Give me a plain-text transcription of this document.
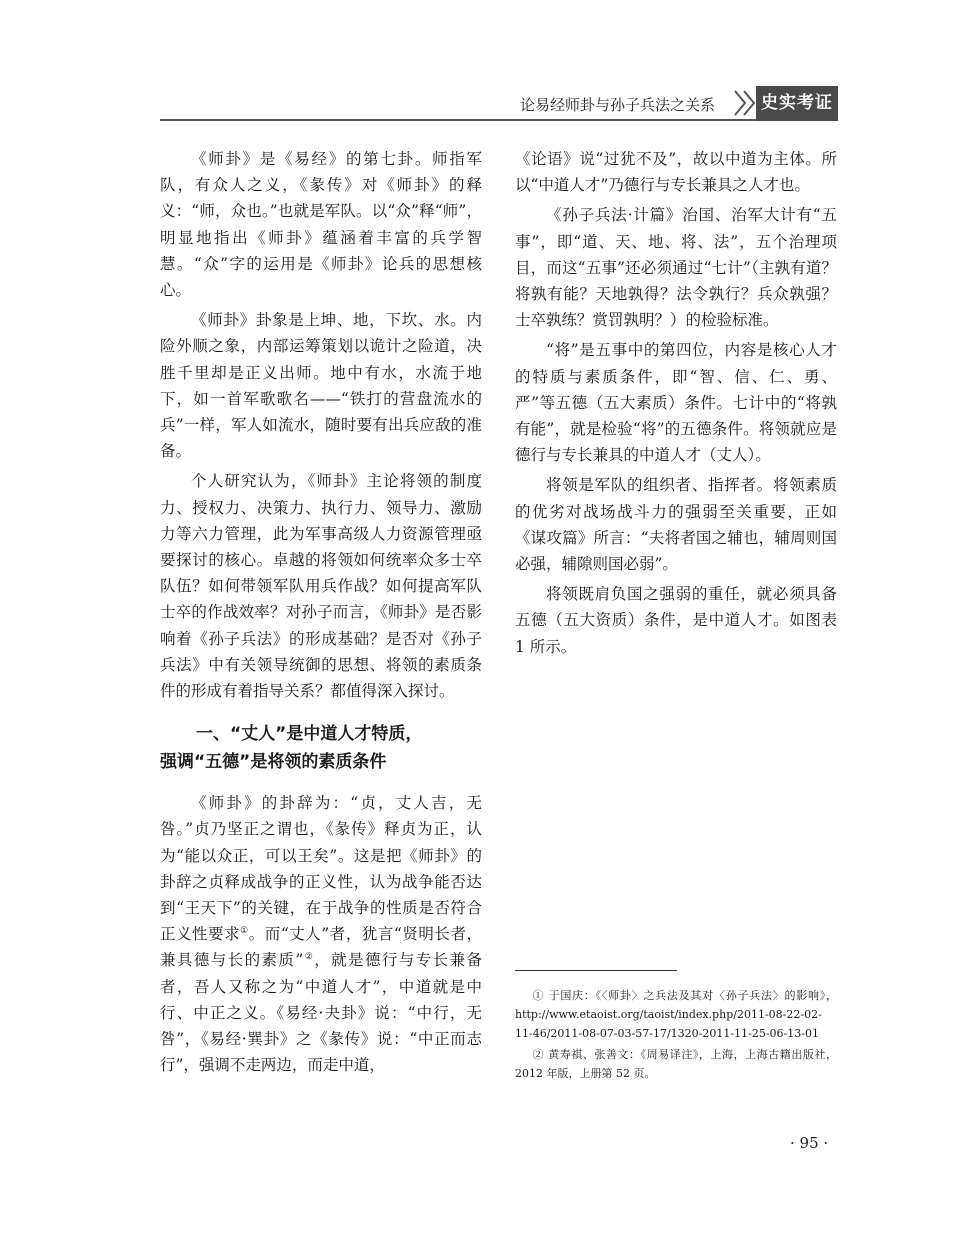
论易经师卦与孙子兵法之关系	史实考证

《师卦》是《易经》的第七卦。师指军队，有众人之义，《彖传》对《师卦》的释义：“师，众也。”也就是军队。以“众”释“师”，明显地指出《师卦》蕴涵着丰富的兵学智慧。“众”字的运用是《师卦》论兵的思想核心。

《师卦》卦象是上坤、地，下坎、水。内险外顺之象，内部运筹策划以诡计之险道，决胜千里却是正义出师。地中有水，水流于地下，如一首军歌歌名——“铁打的营盘流水的兵”一样，军人如流水，随时要有出兵应敌的准备。

个人研究认为，《师卦》主论将领的制度力、授权力、决策力、执行力、领导力、激励力等六力管理，此为军事高级人力资源管理亟要探讨的核心。卓越的将领如何统率众多士卒队伍？如何带领军队用兵作战？如何提高军队士卒的作战效率？对孙子而言，《师卦》是否影响着《孙子兵法》的形成基础？是否对《孙子兵法》中有关领导统御的思想、将领的素质条件的形成有着指导关系？都值得深入探讨。

一、“丈人”是中道人才特质，
强调“五德”是将领的素质条件

《师卦》的卦辞为：“贞，丈人吉，无咎。”贞乃坚正之谓也，《彖传》释贞为正，认为“能以众正，可以王矣”。这是把《师卦》的卦辞之贞释成战争的正义性，认为战争能否达到“王天下”的关键，在于战争的性质是否符合正义性要求①。而“丈人”者，犹言“贤明长者，兼具德与长的素质”②，就是德行与专长兼备者，吾人又称之为“中道人才”，中道就是中行、中正之义。《易经·夬卦》说：“中行，无咎”，《易经·巽卦》之《彖传》说：“中正而志行”，强调不走两边，而走中道，

《论语》说“过犹不及”，故以中道为主体。所以“中道人才”乃德行与专长兼具之人才也。

《孙子兵法·计篇》治国、治军大计有“五事”，即“道、天、地、将、法”，五个治理项目，而这“五事”还必须通过“七计”（主孰有道？将孰有能？天地孰得？法令孰行？兵众孰强？士卒孰练？赏罚孰明？）的检验标准。

“将”是五事中的第四位，内容是核心人才的特质与素质条件，即“智、信、仁、勇、严”等五德（五大素质）条件。七计中的“将孰有能”，就是检验“将”的五德条件。将领就应是德行与专长兼具的中道人才（丈人）。

将领是军队的组织者、指挥者。将领素质的优劣对战场战斗力的强弱至关重要，正如《谋攻篇》所言：“夫将者国之辅也，辅周则国必强，辅隙则国必弱”。

将领既肩负国之强弱的重任，就必须具备五德（五大资质）条件，是中道人才。如图表 1 所示。

① 于国庆：《〈师卦〉之兵法及其对〈孙子兵法〉的影响》，http://www.etaoist.org/taoist/index.php/2011-08-22-02-11-46/2011-08-07-03-57-17/1320-2011-11-25-06-13-01

② 黄寿祺、张善文：《周易译注》，上海，上海古籍出版社，2012 年版，上册第 52 页。

· 95 ·
